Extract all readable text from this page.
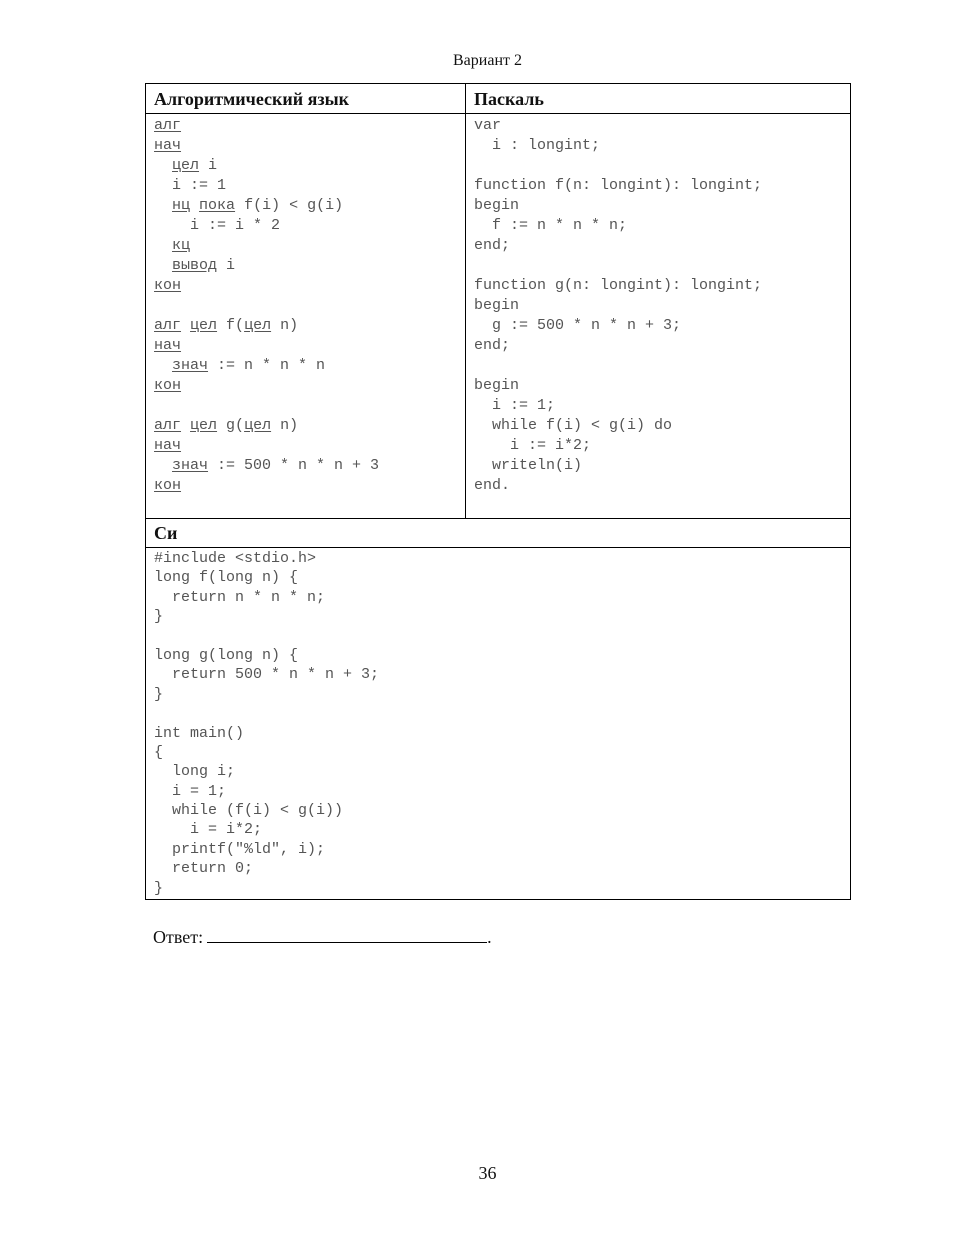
Вариант 2
Алгоритмический язык	Паскаль
алг
нач
цел i
i := 1
нц пока f(i) < g(i)
i := i * 2
кц
вывод i
кон
алг цел f(цел n)
нач
знач := n * n * n
кон
алг цел g(цел n)
нач
знач := 500 * n * n + 3
кон
var
i : longint;
function f(n: longint): longint;
begin
f := n * n * n;
end;
function g(n: longint): longint;
begin
g := 500 * n * n + 3;
end;
begin
i := 1;
while f(i) < g(i) do
i := i*2;
writeln(i)
end.
Си
#include <stdio.h>
long f(long n) {
return n * n * n;
}
long g(long n) {
return 500 * n * n + 3;
}
int main()
{
long i;
i = 1;
while (f(i) < g(i))
i = i*2;
printf("%ld", i);
return 0;
}
Ответ:	.
36
